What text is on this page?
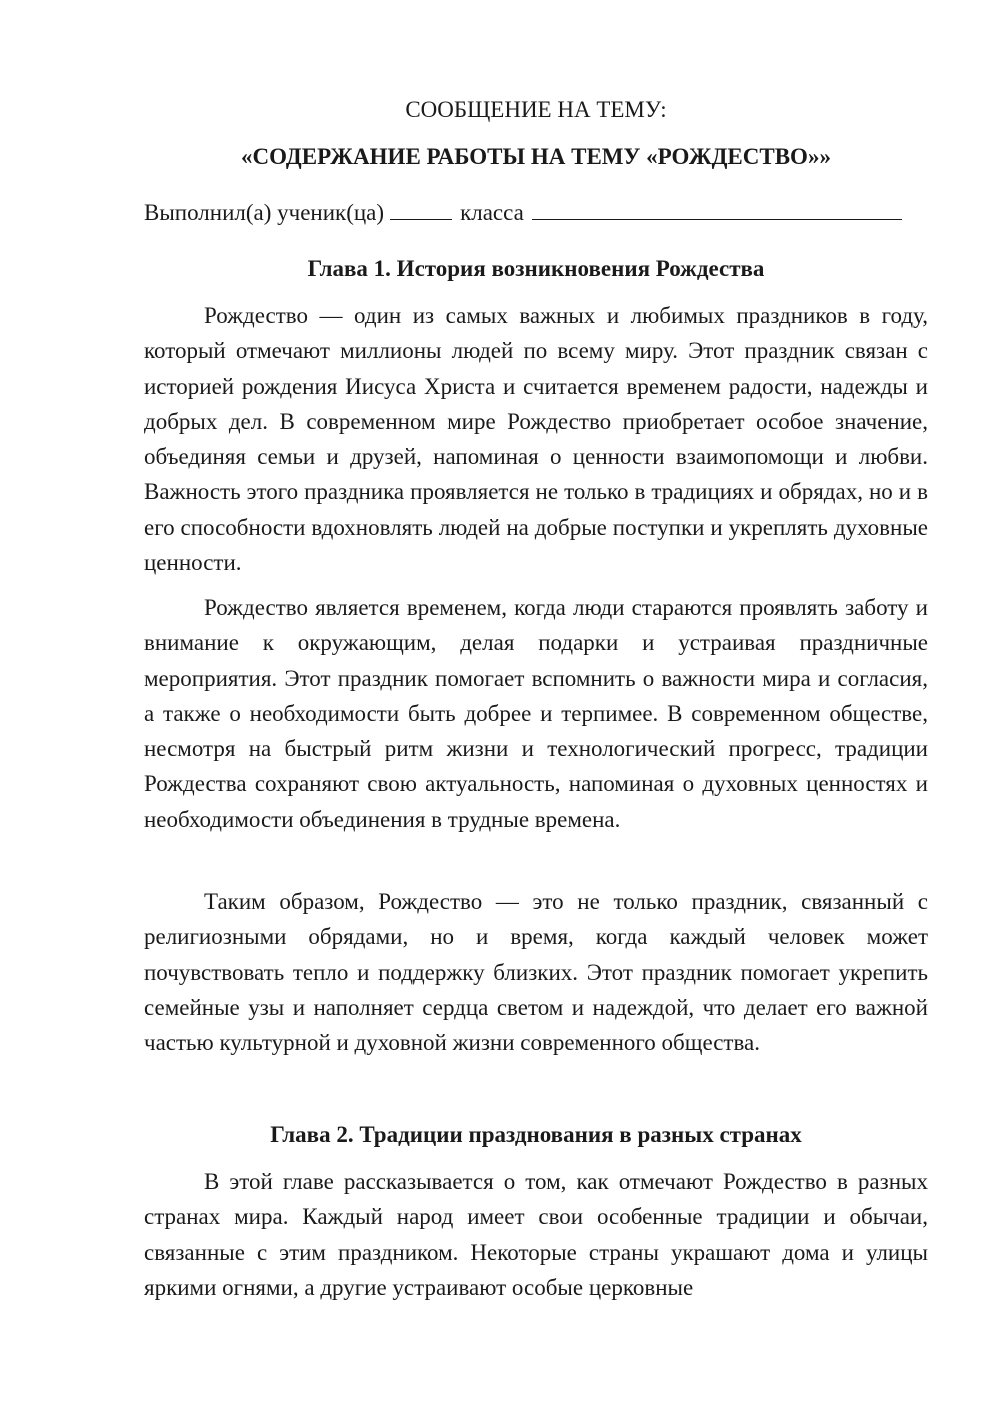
СООБЩЕНИЕ НА ТЕМУ:
«СОДЕРЖАНИЕ РАБОТЫ НА ТЕМУ «РОЖДЕСТВО»»
Выполнил(а) ученик(ца)	класса
Глава 1. История возникновения Рождества

Рождество — один из самых важных и любимых праздников в году, который отмечают миллионы людей по всему миру. Этот праздник связан с историей рождения Иисуса Христа и считается временем радости, надежды и добрых дел. В современном мире Рождество приобретает особое значение, объединяя семьи и друзей, напоминая о ценности взаимопомощи и любви. Важность этого праздника проявляется не только в традициях и обрядах, но и в его способности вдохновлять людей на добрые поступки и укреплять духовные ценности.

Рождество является временем, когда люди стараются проявлять заботу и внимание к окружающим, делая подарки и устраивая праздничные мероприятия. Этот праздник помогает вспомнить о важности мира и согласия, а также о необходимости быть добрее и терпимее. В современном обществе, несмотря на быстрый ритм жизни и технологический прогресс, традиции Рождества сохраняют свою актуальность, напоминая о духовных ценностях и необходимости объединения в трудные времена.

Таким образом, Рождество — это не только праздник, связанный с религиозными обрядами, но и время, когда каждый человек может почувствовать тепло и поддержку близких. Этот праздник помогает укрепить семейные узы и наполняет сердца светом и надеждой, что делает его важной частью культурной и духовной жизни современного общества.

Глава 2. Традиции празднования в разных странах

В этой главе рассказывается о том, как отмечают Рождество в разных странах мира. Каждый народ имеет свои особенные традиции и обычаи, связанные с этим праздником. Некоторые страны украшают дома и улицы яркими огнями, а другие устраивают особые церковные
